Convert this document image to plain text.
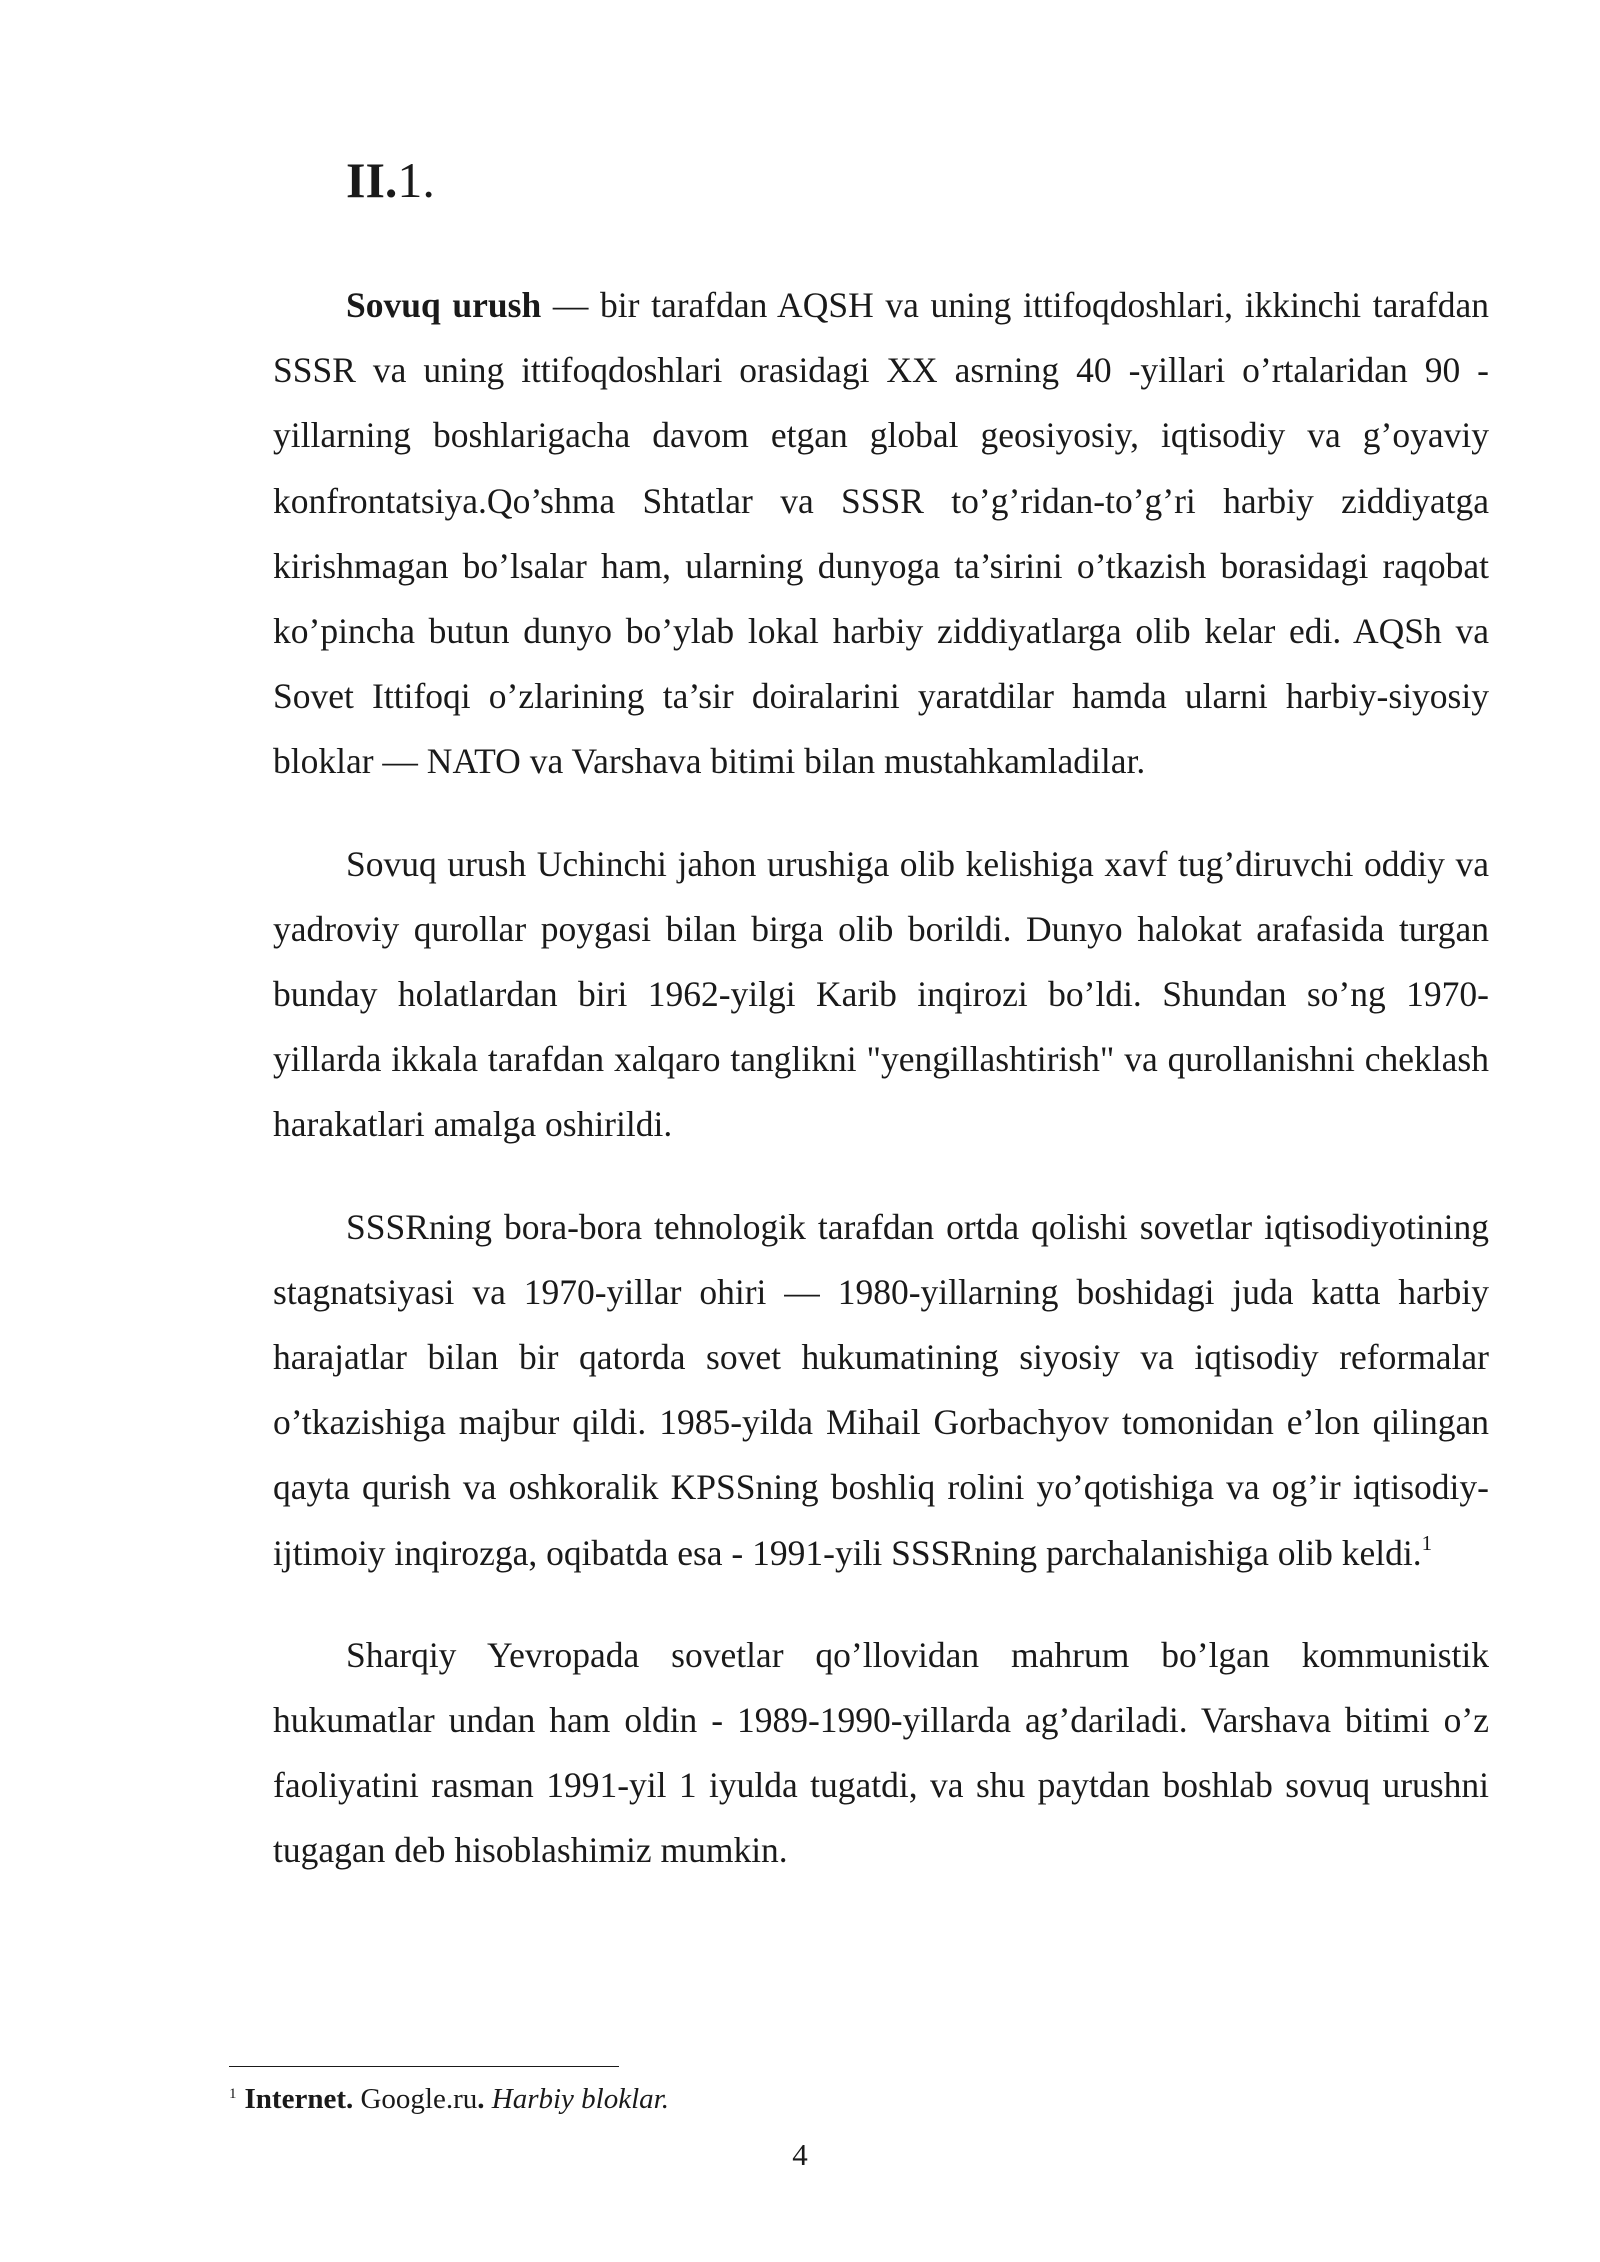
II.1.

Sovuq urush — bir tarafdan AQSH va uning ittifoqdoshlari, ikkinchi tarafdan SSSR va uning ittifoqdoshlari orasidagi XX asrning 40 -yillari o’rtalaridan 90 -yillarning boshlarigacha davom etgan global geosiyosiy, iqtisodiy va g’oyaviy konfrontatsiya.Qo’shma Shtatlar va SSSR to’g’ridan-to’g’ri harbiy ziddiyatga kirishmagan bo’lsalar ham, ularning dunyoga ta’sirini o’tkazish borasidagi raqobat ko’pincha butun dunyo bo’ylab lokal harbiy ziddiyatlarga olib kelar edi. AQSh va Sovet Ittifoqi o’zlarining ta’sir doiralarini yaratdilar hamda ularni harbiy-siyosiy bloklar — NATO va Varshava bitimi bilan mustahkamladilar.

Sovuq urush Uchinchi jahon urushiga olib kelishiga xavf tug’diruvchi oddiy va yadroviy qurollar poygasi bilan birga olib borildi. Dunyo halokat arafasida turgan bunday holatlardan biri 1962-yilgi Karib inqirozi bo’ldi. Shundan so’ng 1970-yillarda ikkala tarafdan xalqaro tanglikni "yengillashtirish" va qurollanishni cheklash harakatlari amalga oshirildi.

SSSRning bora-bora tehnologik tarafdan ortda qolishi sovetlar iqtisodiyotining stagnatsiyasi va 1970-yillar ohiri — 1980-yillarning boshidagi juda katta harbiy harajatlar bilan bir qatorda sovet hukumatining siyosiy va iqtisodiy reformalar o’tkazishiga majbur qildi. 1985-yilda Mihail Gorbachyov tomonidan e’lon qilingan qayta qurish va oshkoralik KPSSning boshliq rolini yo’qotishiga va og’ir iqtisodiy-ijtimoiy inqirozga, oqibatda esa - 1991-yili SSSRning parchalanishiga olib keldi.$^1$

Sharqiy Yevropada sovetlar qo’llovidan mahrum bo’lgan kommunistik hukumatlar undan ham oldin - 1989-1990-yillarda ag’dariladi. Varshava bitimi o’z faoliyatini rasman 1991-yil 1 iyulda tugatdi, va shu paytdan boshlab sovuq urushni tugagan deb hisoblashimiz mumkin.

$^1$ Internet. Google.ru. Harbiy bloklar.

4
